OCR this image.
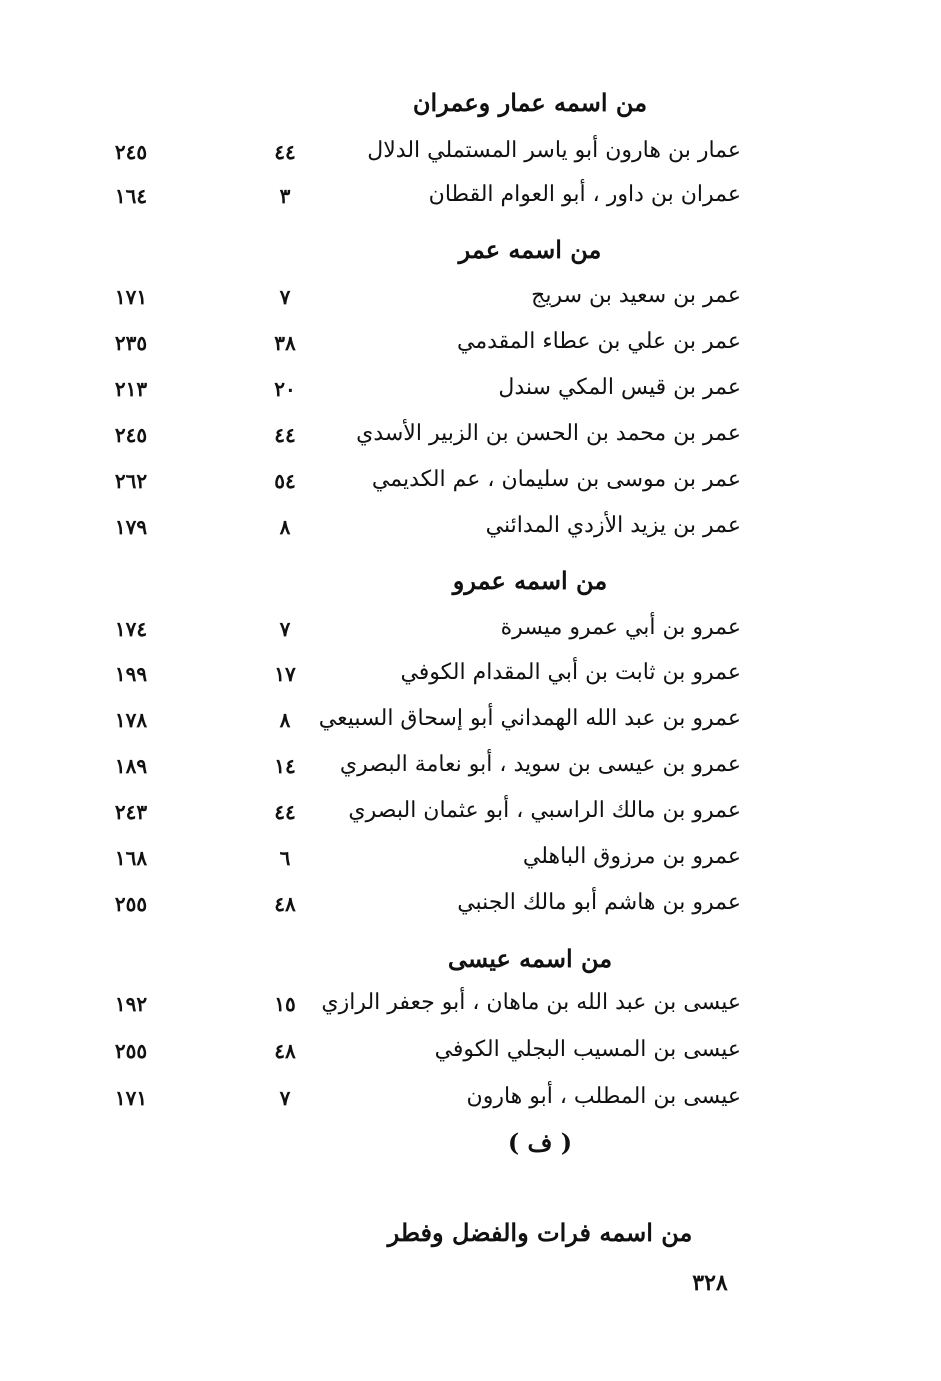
من اسمه عمار وعمران
عمار بن هارون أبو ياسر المستملي الدلال
٤٤
٢٤٥
عمران بن داور ، أبو العوام القطان
٣
١٦٤
من اسمه عمر
عمر بن سعيد بن سريج
٧
١٧١
عمر بن علي بن عطاء المقدمي
٣٨
٢٣٥
عمر بن قيس المكي سندل
٢٠
٢١٣
عمر بن محمد بن الحسن بن الزبير الأسدي
٤٤
٢٤٥
عمر بن موسى بن سليمان ، عم الكديمي
٥٤
٢٦٢
عمر بن يزيد الأزدي المدائني
٨
١٧٩
من اسمه عمرو
عمرو بن أبي عمرو ميسرة
٧
١٧٤
عمرو بن ثابت بن أبي المقدام الكوفي
١٧
١٩٩
عمرو بن عبد الله الهمداني أبو إسحاق السبيعي
٨
١٧٨
عمرو بن عيسى بن سويد ، أبو نعامة البصري
١٤
١٨٩
عمرو بن مالك الراسبي ، أبو عثمان البصري
٤٤
٢٤٣
عمرو بن مرزوق الباهلي
٦
١٦٨
عمرو بن هاشم أبو مالك الجنبي
٤٨
٢٥٥
من اسمه عيسى
عيسى بن عبد الله بن ماهان ، أبو جعفر الرازي
١٥
١٩٢
عيسى بن المسيب البجلي الكوفي
٤٨
٢٥٥
عيسى بن المطلب ، أبو هارون
٧
١٧١
( ف )
من اسمه فرات والفضل وفطر
٣٢٨
